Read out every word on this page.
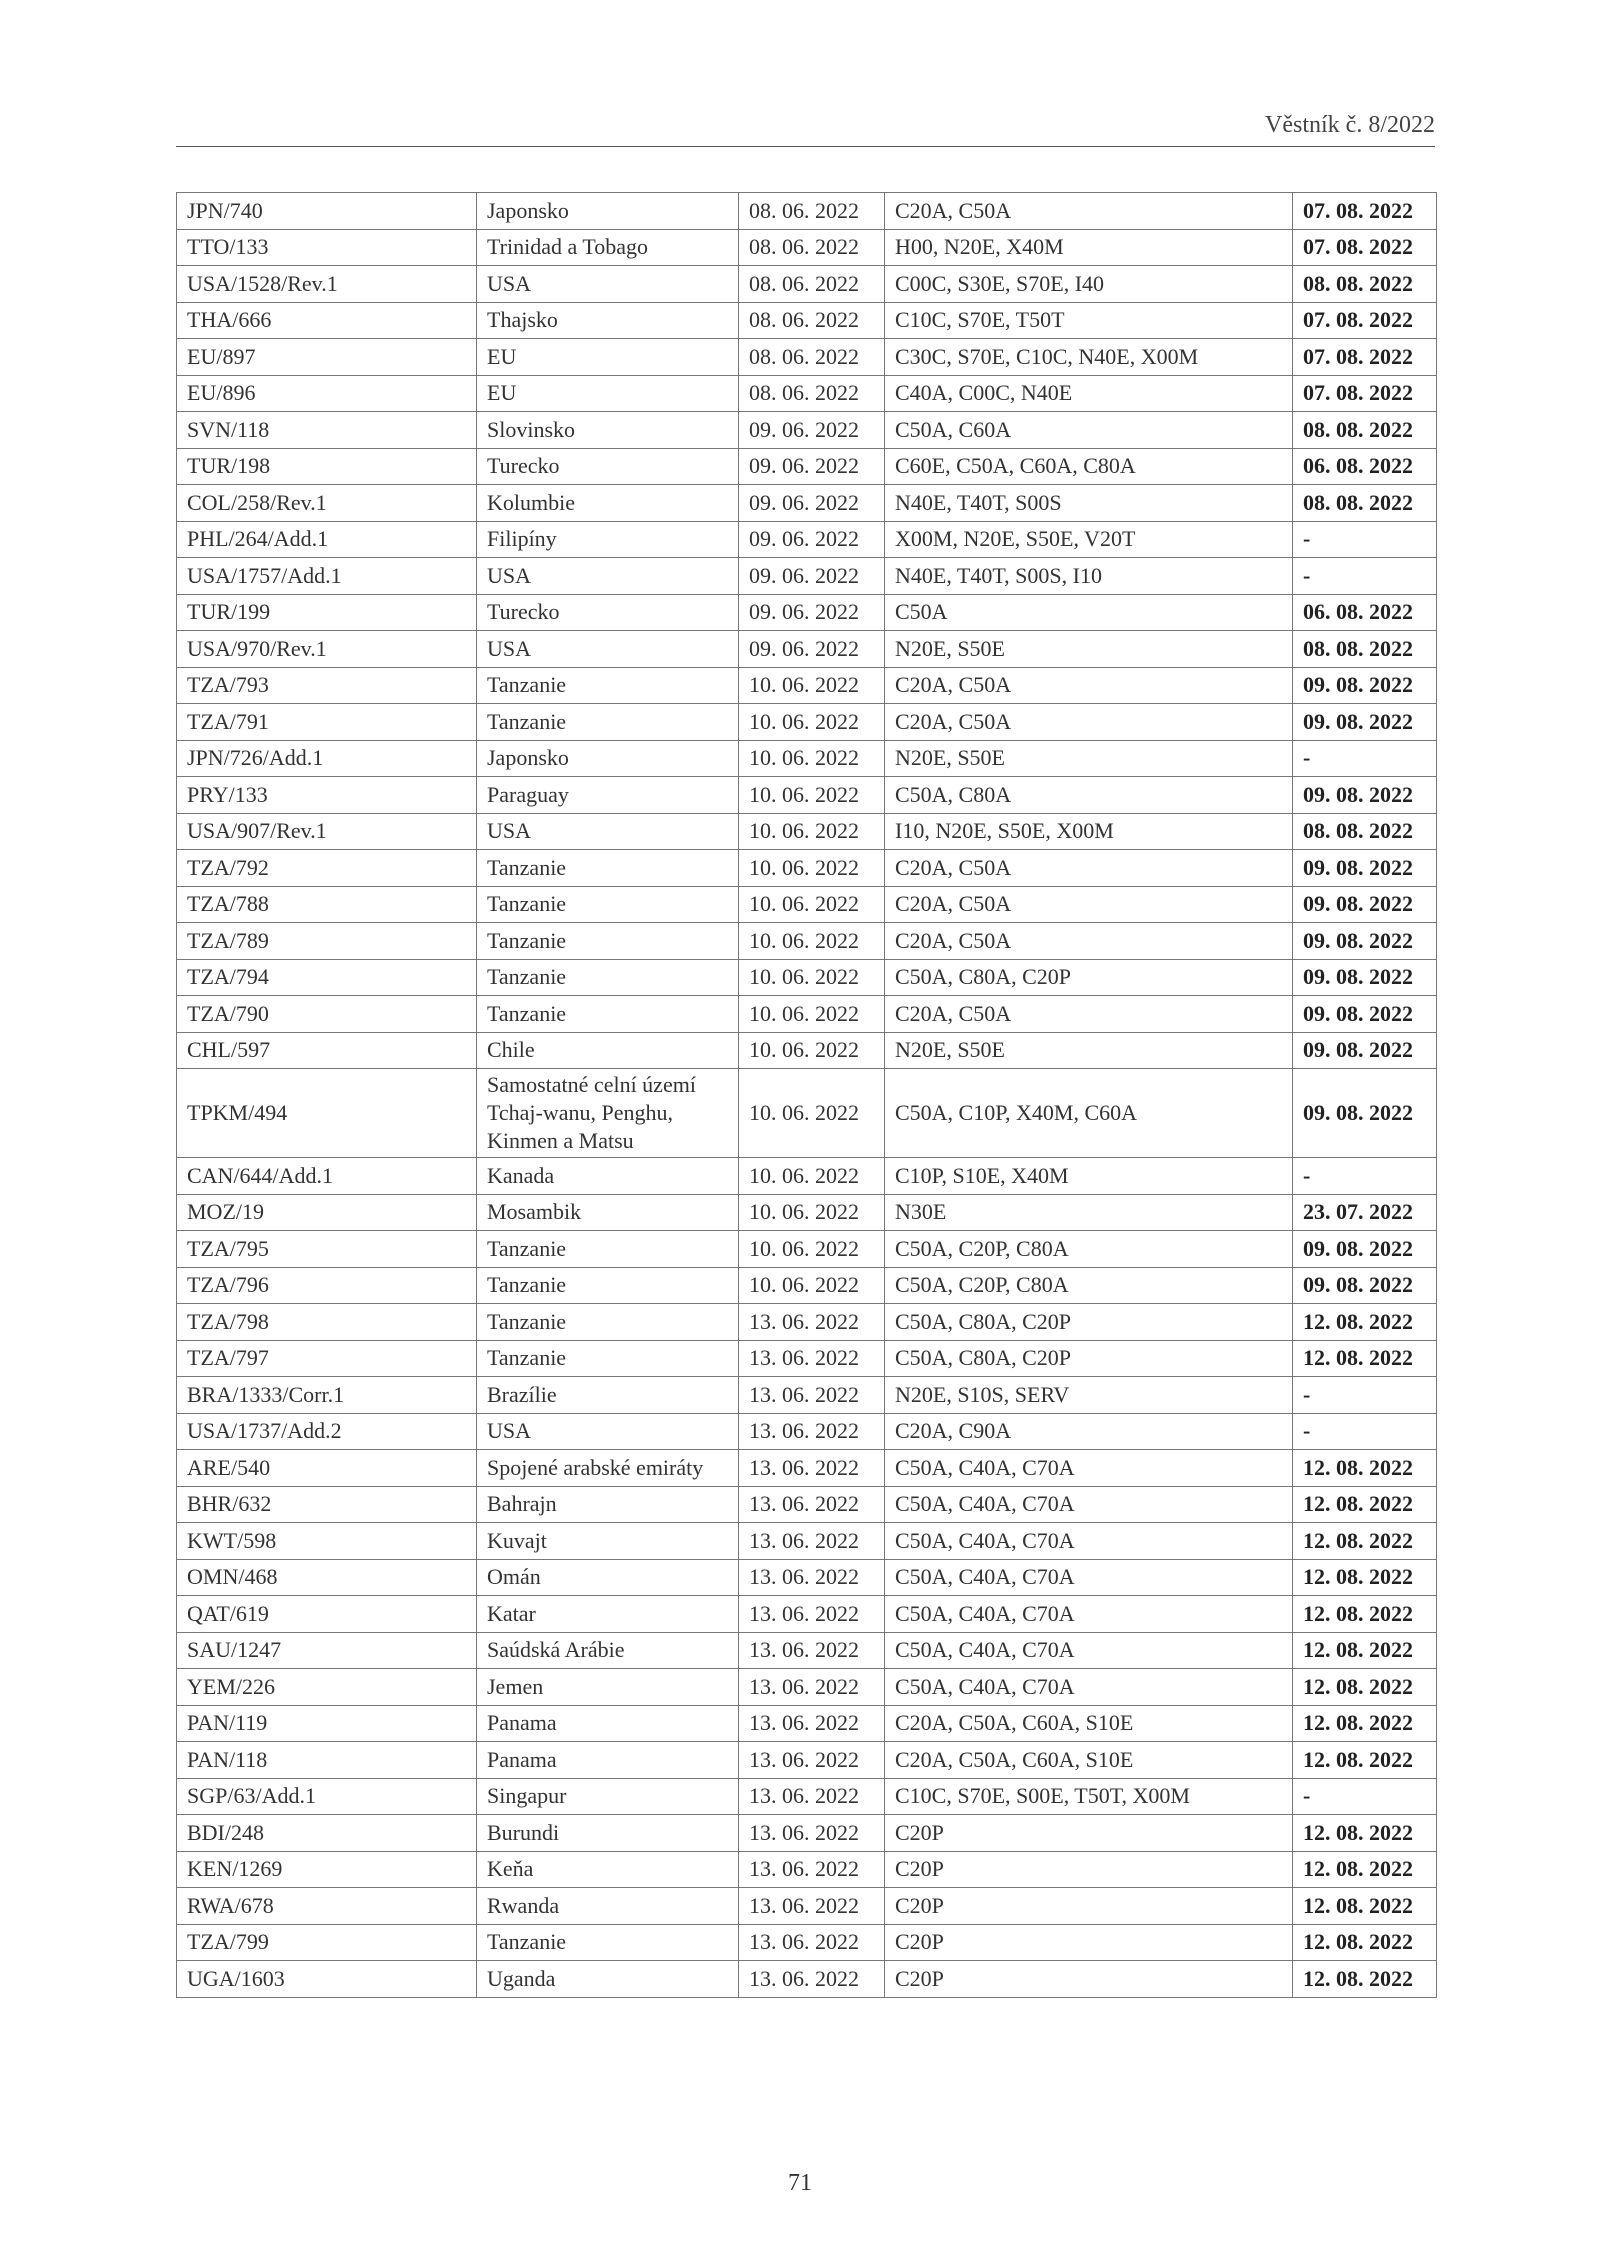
Věstník č. 8/2022
JPN/740	Japonsko	08. 06. 2022	C20A, C50A	07. 08. 2022
TTO/133	Trinidad a Tobago	08. 06. 2022	H00, N20E, X40M	07. 08. 2022
USA/1528/Rev.1	USA	08. 06. 2022	C00C, S30E, S70E, I40	08. 08. 2022
THA/666	Thajsko	08. 06. 2022	C10C, S70E, T50T	07. 08. 2022
EU/897	EU	08. 06. 2022	C30C, S70E, C10C, N40E, X00M	07. 08. 2022
EU/896	EU	08. 06. 2022	C40A, C00C, N40E	07. 08. 2022
SVN/118	Slovinsko	09. 06. 2022	C50A, C60A	08. 08. 2022
TUR/198	Turecko	09. 06. 2022	C60E, C50A, C60A, C80A	06. 08. 2022
COL/258/Rev.1	Kolumbie	09. 06. 2022	N40E, T40T, S00S	08. 08. 2022
PHL/264/Add.1	Filipíny	09. 06. 2022	X00M, N20E, S50E, V20T	-
USA/1757/Add.1	USA	09. 06. 2022	N40E, T40T, S00S, I10	-
TUR/199	Turecko	09. 06. 2022	C50A	06. 08. 2022
USA/970/Rev.1	USA	09. 06. 2022	N20E, S50E	08. 08. 2022
TZA/793	Tanzanie	10. 06. 2022	C20A, C50A	09. 08. 2022
TZA/791	Tanzanie	10. 06. 2022	C20A, C50A	09. 08. 2022
JPN/726/Add.1	Japonsko	10. 06. 2022	N20E, S50E	-
PRY/133	Paraguay	10. 06. 2022	C50A, C80A	09. 08. 2022
USA/907/Rev.1	USA	10. 06. 2022	I10, N20E, S50E, X00M	08. 08. 2022
TZA/792	Tanzanie	10. 06. 2022	C20A, C50A	09. 08. 2022
TZA/788	Tanzanie	10. 06. 2022	C20A, C50A	09. 08. 2022
TZA/789	Tanzanie	10. 06. 2022	C20A, C50A	09. 08. 2022
TZA/794	Tanzanie	10. 06. 2022	C50A, C80A, C20P	09. 08. 2022
TZA/790	Tanzanie	10. 06. 2022	C20A, C50A	09. 08. 2022
CHL/597	Chile	10. 06. 2022	N20E, S50E	09. 08. 2022
TPKM/494	Samostatné celní území Tchaj-wanu, Penghu, Kinmen a Matsu	10. 06. 2022	C50A, C10P, X40M, C60A	09. 08. 2022
CAN/644/Add.1	Kanada	10. 06. 2022	C10P, S10E, X40M	-
MOZ/19	Mosambik	10. 06. 2022	N30E	23. 07. 2022
TZA/795	Tanzanie	10. 06. 2022	C50A, C20P, C80A	09. 08. 2022
TZA/796	Tanzanie	10. 06. 2022	C50A, C20P, C80A	09. 08. 2022
TZA/798	Tanzanie	13. 06. 2022	C50A, C80A, C20P	12. 08. 2022
TZA/797	Tanzanie	13. 06. 2022	C50A, C80A, C20P	12. 08. 2022
BRA/1333/Corr.1	Brazílie	13. 06. 2022	N20E, S10S, SERV	-
USA/1737/Add.2	USA	13. 06. 2022	C20A, C90A	-
ARE/540	Spojené arabské emiráty	13. 06. 2022	C50A, C40A, C70A	12. 08. 2022
BHR/632	Bahrajn	13. 06. 2022	C50A, C40A, C70A	12. 08. 2022
KWT/598	Kuvajt	13. 06. 2022	C50A, C40A, C70A	12. 08. 2022
OMN/468	Omán	13. 06. 2022	C50A, C40A, C70A	12. 08. 2022
QAT/619	Katar	13. 06. 2022	C50A, C40A, C70A	12. 08. 2022
SAU/1247	Saúdská Arábie	13. 06. 2022	C50A, C40A, C70A	12. 08. 2022
YEM/226	Jemen	13. 06. 2022	C50A, C40A, C70A	12. 08. 2022
PAN/119	Panama	13. 06. 2022	C20A, C50A, C60A, S10E	12. 08. 2022
PAN/118	Panama	13. 06. 2022	C20A, C50A, C60A, S10E	12. 08. 2022
SGP/63/Add.1	Singapur	13. 06. 2022	C10C, S70E, S00E, T50T, X00M	-
BDI/248	Burundi	13. 06. 2022	C20P	12. 08. 2022
KEN/1269	Keňa	13. 06. 2022	C20P	12. 08. 2022
RWA/678	Rwanda	13. 06. 2022	C20P	12. 08. 2022
TZA/799	Tanzanie	13. 06. 2022	C20P	12. 08. 2022
UGA/1603	Uganda	13. 06. 2022	C20P	12. 08. 2022
71
